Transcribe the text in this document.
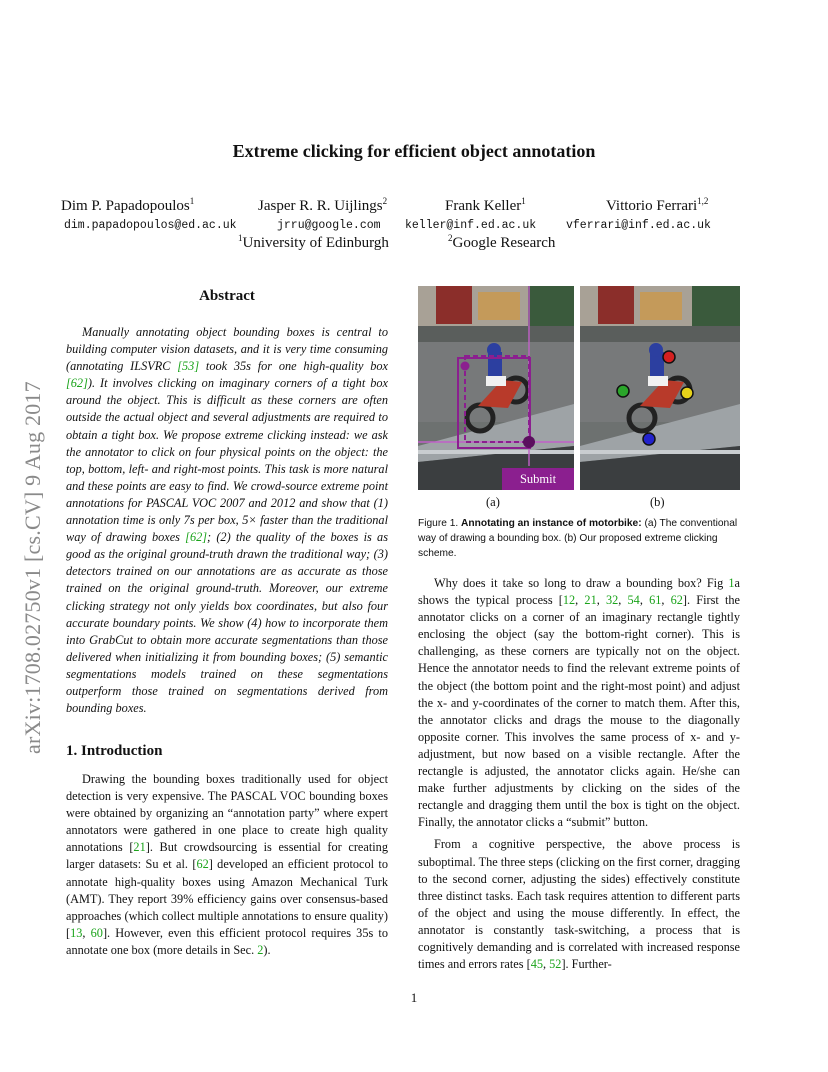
Extreme clicking for efficient object annotation
Dim P. Papadopoulos$^1$	Jasper R. R. Uijlings$^2$	Frank Keller$^1$	Vittorio Ferrari$^{1,2}$
dim.papadopoulos@ed.ac.uk	jrru@google.com keller@inf.ed.ac.uk	vferrari@inf.ed.ac.uk
$^1$University of Edinburgh	$^2$Google Research
arXiv:1708.02750v1 [cs.CV] 9 Aug 2017
Abstract

Manually annotating object bounding boxes is central to building computer vision datasets, and it is very time consuming (annotating ILSVRC [53] took 35s for one high-quality box [62]). It involves clicking on imaginary corners of a tight box around the object. This is difficult as these corners are often outside the actual object and several adjustments are required to obtain a tight box. We propose extreme clicking instead: we ask the annotator to click on four physical points on the object: the top, bottom, left- and right-most points. This task is more natural and these points are easy to find. We crowd-source extreme point annotations for PASCAL VOC 2007 and 2012 and show that (1) annotation time is only 7s per box, 5× faster than the traditional way of drawing boxes [62]; (2) the quality of the boxes is as good as the original ground-truth drawn the traditional way; (3) detectors trained on our annotations are as accurate as those trained on the original ground-truth. Moreover, our extreme clicking strategy not only yields box coordinates, but also four accurate boundary points. We show (4) how to incorporate them into GrabCut to obtain more accurate segmentations than those delivered when initializing it from bounding boxes; (5) semantic segmentations models trained on these segmentations outperform those trained on segmentations derived from bounding boxes.

1. Introduction

Drawing the bounding boxes traditionally used for object detection is very expensive. The PASCAL VOC bounding boxes were obtained by organizing an “annotation party” where expert annotators were gathered in one place to create high quality annotations [21]. But crowdsourcing is essential for creating larger datasets: Su et al. [62] developed an efficient protocol to annotate high-quality boxes using Amazon Mechanical Turk (AMT). They report 39% efficiency gains over consensus-based approaches (which collect multiple annotations to ensure quality) [13, 60]. However, even this efficient protocol requires 35s to annotate one box (more details in Sec. 2).

Submit
(a)	(b)
Figure 1. Annotating an instance of motorbike: (a) The conventional way of drawing a bounding box. (b) Our proposed extreme clicking scheme.

Why does it take so long to draw a bounding box? Fig 1a shows the typical process [12, 21, 32, 54, 61, 62]. First the annotator clicks on a corner of an imaginary rectangle tightly enclosing the object (say the bottom-right corner). This is challenging, as these corners are typically not on the object. Hence the annotator needs to find the relevant extreme points of the object (the bottom point and the right-most point) and adjust the x- and y-coordinates of the corner to match them. After this, the annotator clicks and drags the mouse to the diagonally opposite corner. This involves the same process of x- and y-adjustment, but now based on a visible rectangle. After the rectangle is adjusted, the annotator clicks again. He/she can make further adjustments by clicking on the sides of the rectangle and dragging them until the box is tight on the object. Finally, the annotator clicks a “submit” button.

From a cognitive perspective, the above process is suboptimal. The three steps (clicking on the first corner, dragging to the second corner, adjusting the sides) effectively constitute three distinct tasks. Each task requires attention to different parts of the object and using the mouse differently. In effect, the annotator is constantly task-switching, a process that is cognitively demanding and is correlated with increased response times and errors rates [45, 52]. Further-

1
